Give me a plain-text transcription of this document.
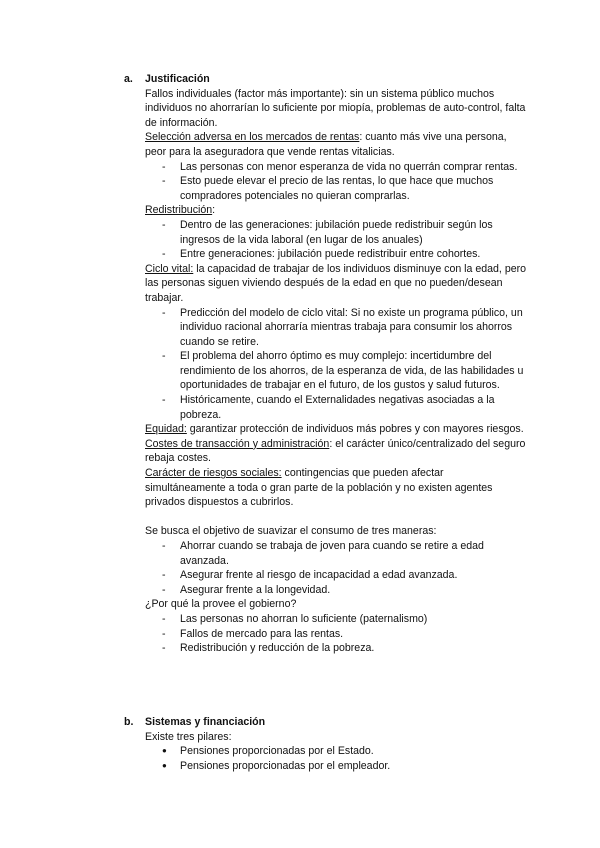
a. Justificación

Fallos individuales (factor más importante): sin un sistema público muchos individuos no ahorrarían lo suficiente por miopía, problemas de auto-control, falta de información.

Selección adversa en los mercados de rentas: cuanto más vive una persona, peor para la aseguradora que vende rentas vitalicias.

- Las personas con menor esperanza de vida no querrán comprar rentas.
- Esto puede elevar el precio de las rentas, lo que hace que muchos compradores potenciales no quieran comprarlas.

Redistribución:

- Dentro de las generaciones: jubilación puede redistribuir según los ingresos de la vida laboral (en lugar de los anuales)
- Entre generaciones: jubilación puede redistribuir entre cohortes.

Ciclo vital: la capacidad de trabajar de los individuos disminuye con la edad, pero las personas siguen viviendo después de la edad en que no pueden/desean trabajar.

- Predicción del modelo de ciclo vital: Si no existe un programa público, un individuo racional ahorraría mientras trabaja para consumir los ahorros cuando se retire.
- El problema del ahorro óptimo es muy complejo: incertidumbre del rendimiento de los ahorros, de la esperanza de vida, de las habilidades u oportunidades de trabajar en el futuro, de los gustos y salud futuros.
- Históricamente, cuando el Externalidades negativas asociadas a la pobreza.

Equidad: garantizar protección de individuos más pobres y con mayores riesgos.

Costes de transacción y administración: el carácter único/centralizado del seguro rebaja costes.

Carácter de riesgos sociales: contingencias que pueden afectar simultáneamente a toda o gran parte de la población y no existen agentes privados dispuestos a cubrirlos.

Se busca el objetivo de suavizar el consumo de tres maneras:

- Ahorrar cuando se trabaja de joven para cuando se retire a edad avanzada.
- Asegurar frente al riesgo de incapacidad a edad avanzada.
- Asegurar frente a la longevidad.

¿Por qué la provee el gobierno?

- Las personas no ahorran lo suficiente (paternalismo)
- Fallos de mercado para las rentas.
- Redistribución y reducción de la pobreza.
b. Sistemas y financiación

Existe tres pilares:

● Pensiones proporcionadas por el Estado.
● Pensiones proporcionadas por el empleador.
